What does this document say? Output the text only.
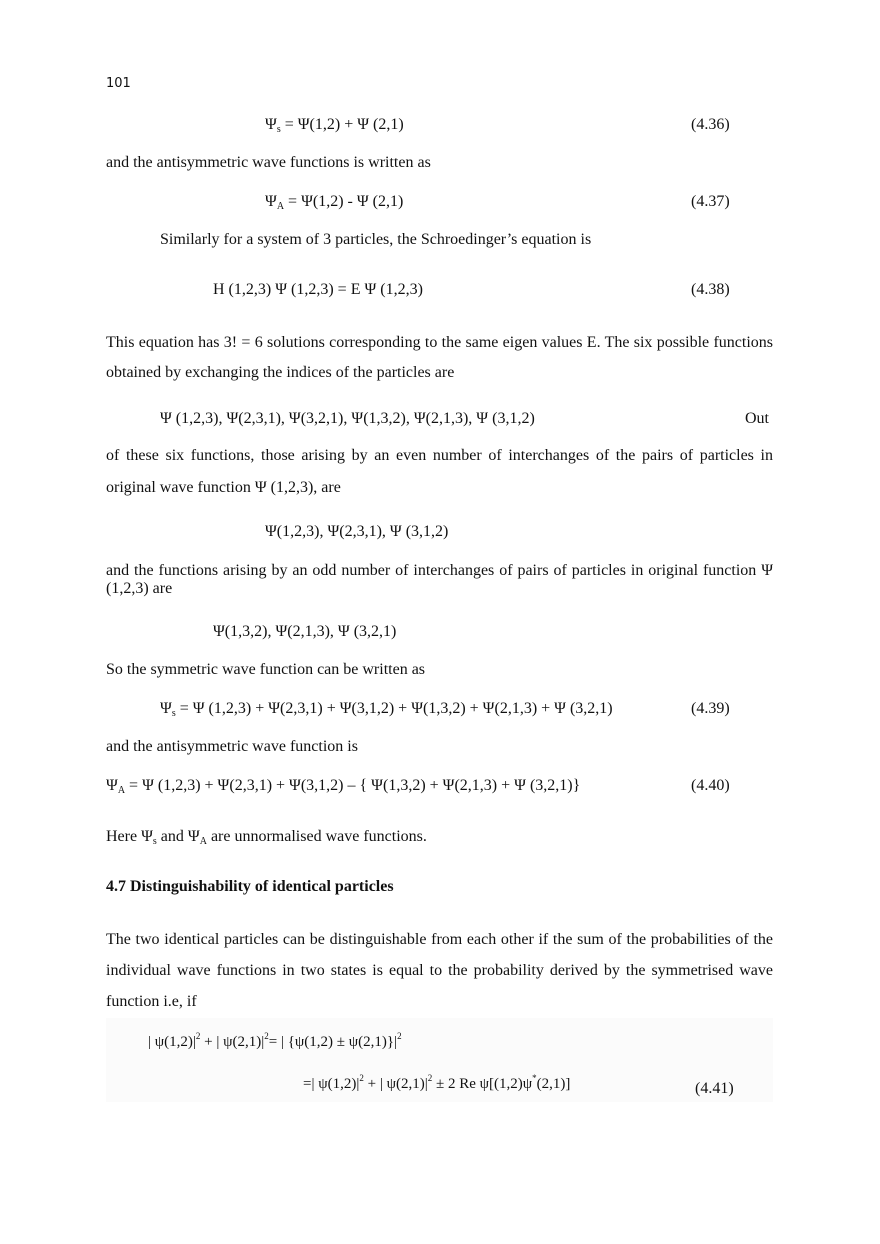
101
$\Psi_s = \Psi(1,2) + \Psi$ (2,1)	(4.36)
and the antisymmetric wave functions is written as
$\Psi_A = \Psi(1,2) - \Psi$ (2,1)	(4.37)
Similarly for a system of 3 particles, the Schroedinger’s equation is
H (1,2,3) Ψ (1,2,3) = E Ψ (1,2,3)	(4.38)
This equation has 3! = 6 solutions corresponding to the same eigen values E. The six possible functions obtained by exchanging the indices of the particles are
Ψ (1,2,3), Ψ(2,3,1), Ψ(3,2,1), Ψ(1,3,2), Ψ(2,1,3), Ψ (3,1,2)	Out
of these six functions, those arising by an even number of interchanges of the pairs of particles in original wave function Ψ (1,2,3), are
Ψ(1,2,3), Ψ(2,3,1), Ψ (3,1,2)
and the functions arising by an odd number of interchanges of pairs of particles in original function Ψ (1,2,3) are
Ψ(1,3,2), Ψ(2,1,3), Ψ (3,2,1)
So the symmetric wave function can be written as
$\Psi_s = \Psi$ (1,2,3) + Ψ(2,3,1) + Ψ(3,1,2) + Ψ(1,3,2) + Ψ(2,1,3) + Ψ (3,2,1)	(4.39)
and the antisymmetric wave function is
$\Psi_A = \Psi$ (1,2,3) + Ψ(2,3,1) + Ψ(3,1,2) – { Ψ(1,3,2) + Ψ(2,1,3) + Ψ (3,2,1)}	(4.40)
Here $\Psi_s$ and $\Psi_A$ are unnormalised wave functions.
4.7 Distinguishability of identical particles
The two identical particles can be distinguishable from each other if the sum of the probabilities of the individual wave functions in two states is equal to the probability derived by the symmetrised wave function i.e, if
| $\psi(1,2)|^2$ + | $\psi(2,1)|^2=$ | $\{\psi(1,2) \pm \psi(2,1)\}|^2$
=| $\psi(1,2)|^2$ + | $\psi(2,1)|^2 \pm 2$ Re ψ[(1,2)ψ*(2,1)]	(4.41)
